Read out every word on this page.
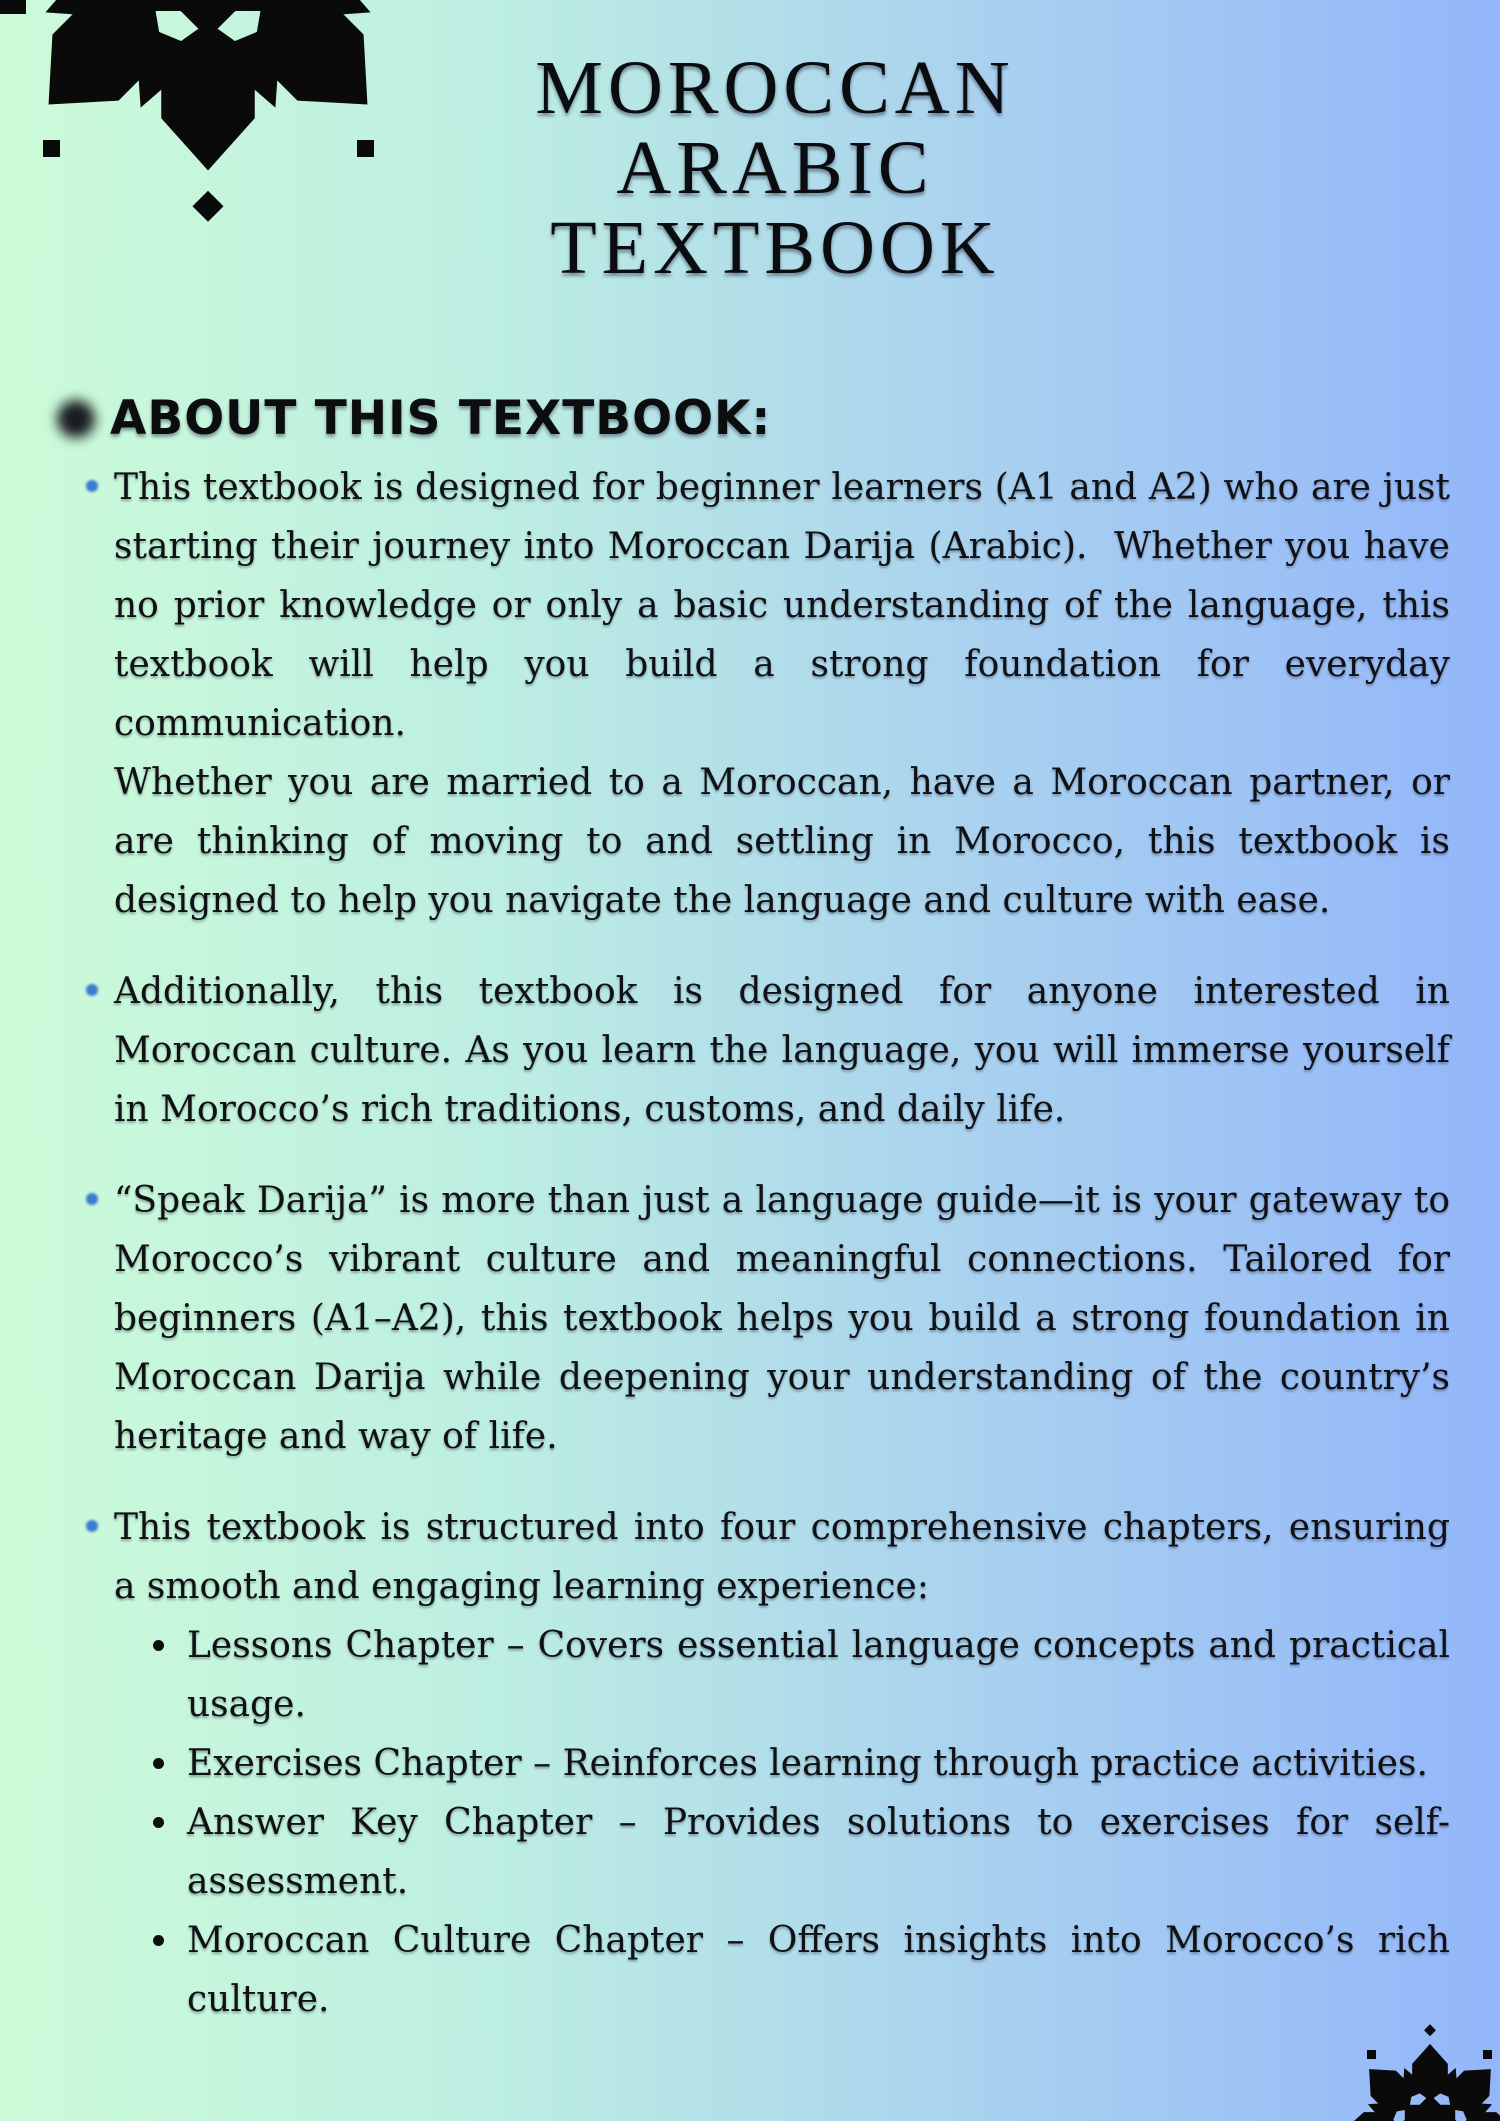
MOROCCAN
ARABIC
TEXTBOOK
ABOUT THIS TEXTBOOK:
This textbook is designed for beginner learners (A1 and A2) who are just starting their journey into Moroccan Darija (Arabic).  Whether you have no prior knowledge or only a basic understanding of the language, this textbook will help you build a strong foundation for everyday communication.
Whether you are married to a Moroccan, have a Moroccan partner, or are thinking of moving to and settling in Morocco, this textbook is designed to help you navigate the language and culture with ease.
Additionally, this textbook is designed for anyone interested in Moroccan culture. As you learn the language, you will immerse yourself in Morocco’s rich traditions, customs, and daily life.
“Speak Darija” is more than just a language guide—it is your gateway to Morocco’s vibrant culture and meaningful connections. Tailored for beginners (A1–A2), this textbook helps you build a strong foundation in Moroccan Darija while deepening your understanding of the country’s heritage and way of life.
This textbook is structured into four comprehensive chapters, ensuring a smooth and engaging learning experience:
Lessons Chapter – Covers essential language concepts and practical usage.
Exercises Chapter – Reinforces learning through practice activities.
Answer Key Chapter – Provides solutions to exercises for self-assessment.
Moroccan Culture Chapter – Offers insights into Morocco’s rich culture.
